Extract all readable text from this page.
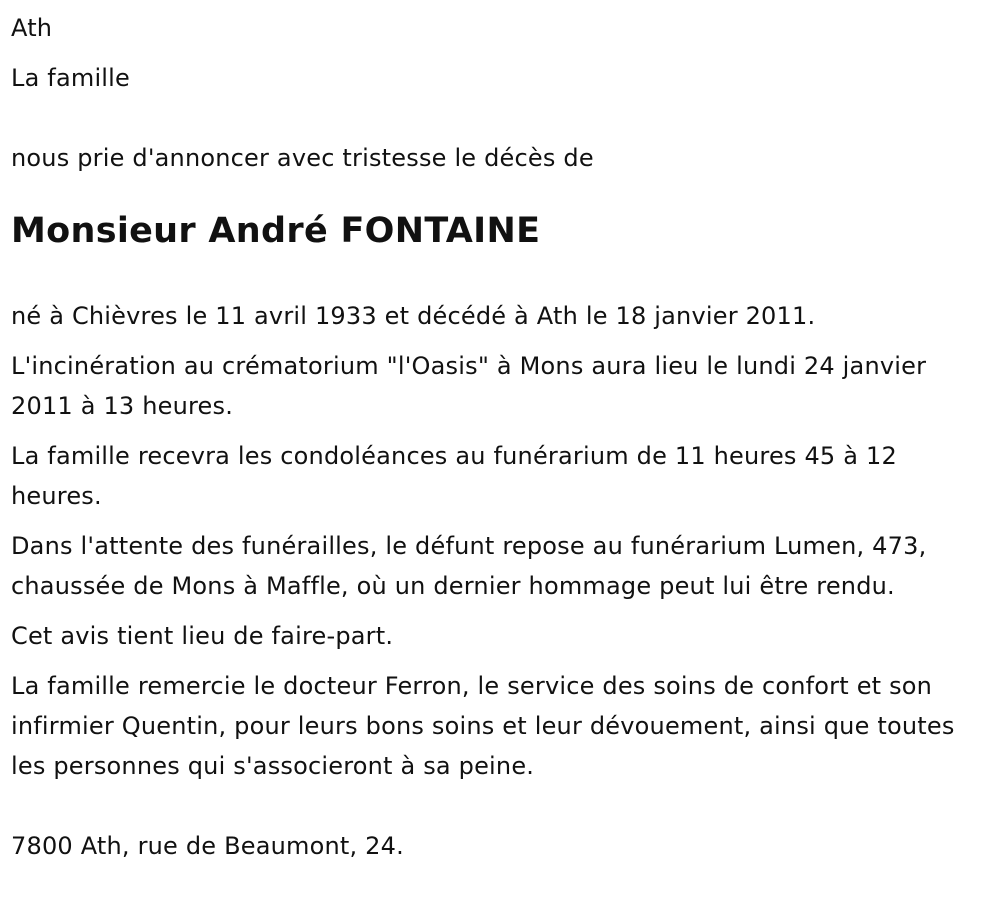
Ath

La famille

nous prie d'annoncer avec tristesse le décès de

Monsieur André FONTAINE

né à Chièvres le 11 avril 1933 et décédé à Ath le 18 janvier 2011.

L'incinération au crématorium "l'Oasis" à Mons aura lieu le lundi 24 janvier 2011 à 13 heures.

La famille recevra les condoléances au funérarium de 11 heures 45 à 12 heures.

Dans l'attente des funérailles, le défunt repose au funérarium Lumen, 473, chaussée de Mons à Maffle, où un dernier hommage peut lui être rendu.

Cet avis tient lieu de faire-part.

La famille remercie le docteur Ferron, le service des soins de confort et son infirmier Quentin, pour leurs bons soins et leur dévouement, ainsi que toutes les personnes qui s'associeront à sa peine.

7800 Ath, rue de Beaumont, 24.
